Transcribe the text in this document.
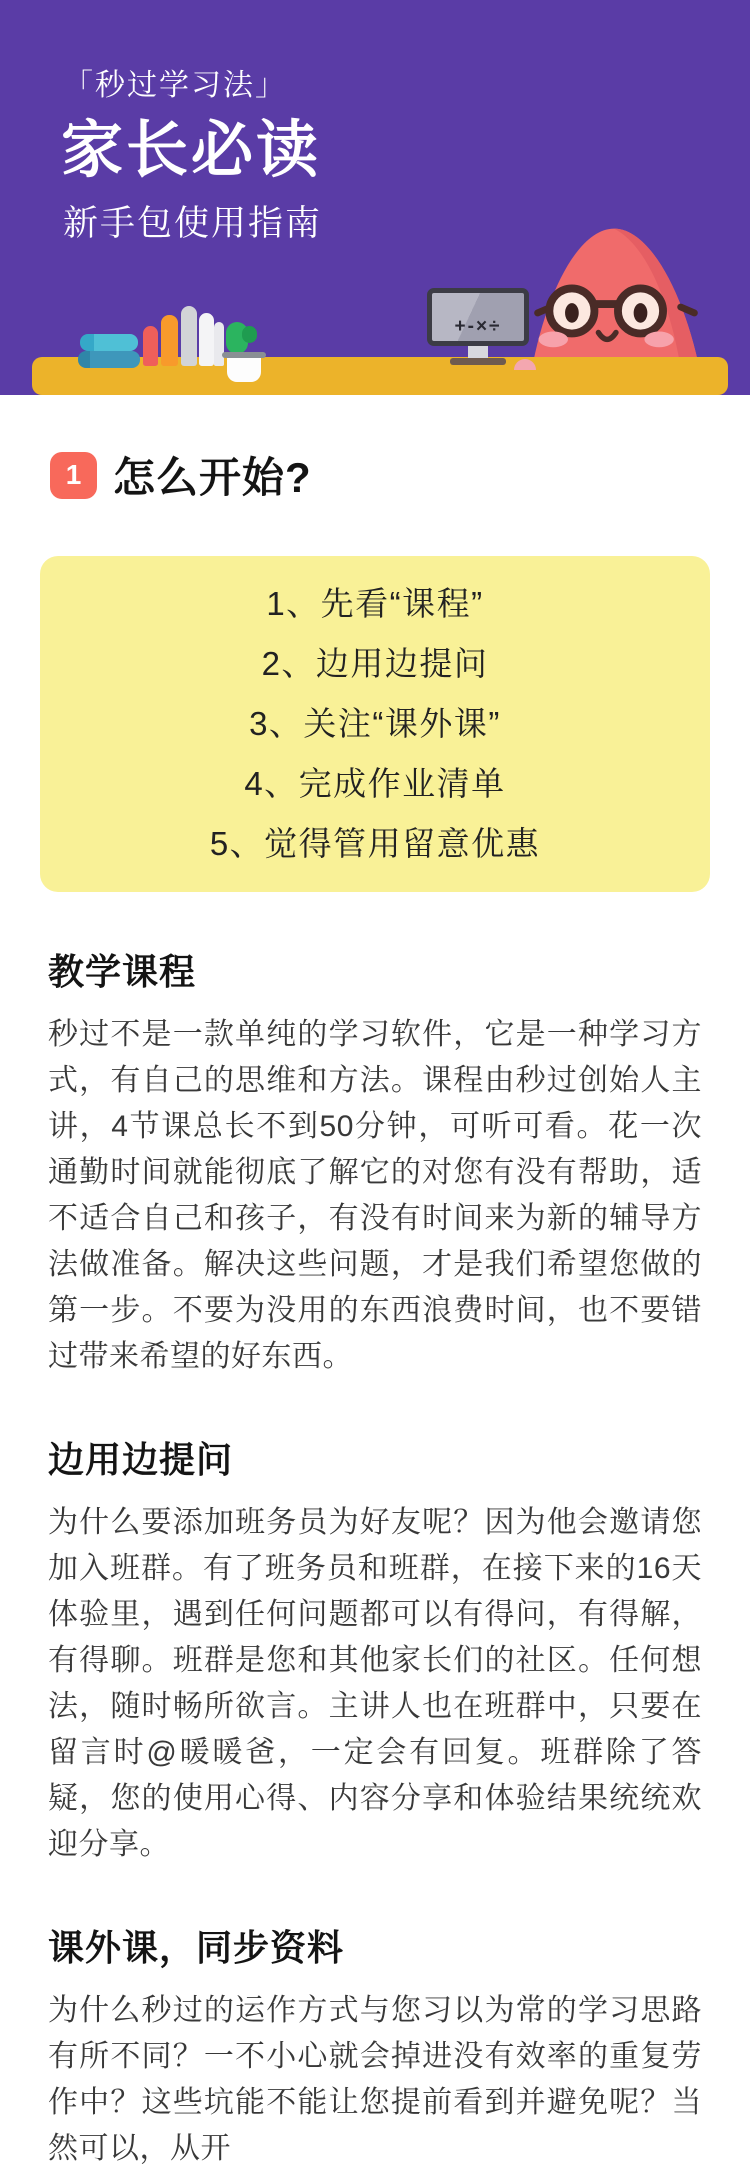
「秒过学习法」
家长必读
新手包使用指南
+-×÷
1 怎么开始?
1、先看“课程”
2、边用边提问
3、关注“课外课”
4、完成作业清单
5、觉得管用留意优惠
教学课程
秒过不是一款单纯的学习软件，它是一种学习方式，有自己的思维和方法。课程由秒过创始人主讲，4节课总长不到50分钟，可听可看。花一次通勤时间就能彻底了解它的对您有没有帮助，适不适合自己和孩子，有没有时间来为新的辅导方法做准备。解决这些问题，才是我们希望您做的第一步。不要为没用的东西浪费时间，也不要错过带来希望的好东西。
边用边提问
为什么要添加班务员为好友呢？因为他会邀请您加入班群。有了班务员和班群，在接下来的16天体验里，遇到任何问题都可以有得问，有得解，有得聊。班群是您和其他家长们的社区。任何想法，随时畅所欲言。主讲人也在班群中，只要在留言时@暖暖爸，一定会有回复。班群除了答疑，您的使用心得、内容分享和体验结果统统欢迎分享。
课外课，同步资料
为什么秒过的运作方式与您习以为常的学习思路有所不同？一不小心就会掉进没有效率的重复劳作中？这些坑能不能让您提前看到并避免呢？当然可以，从开
